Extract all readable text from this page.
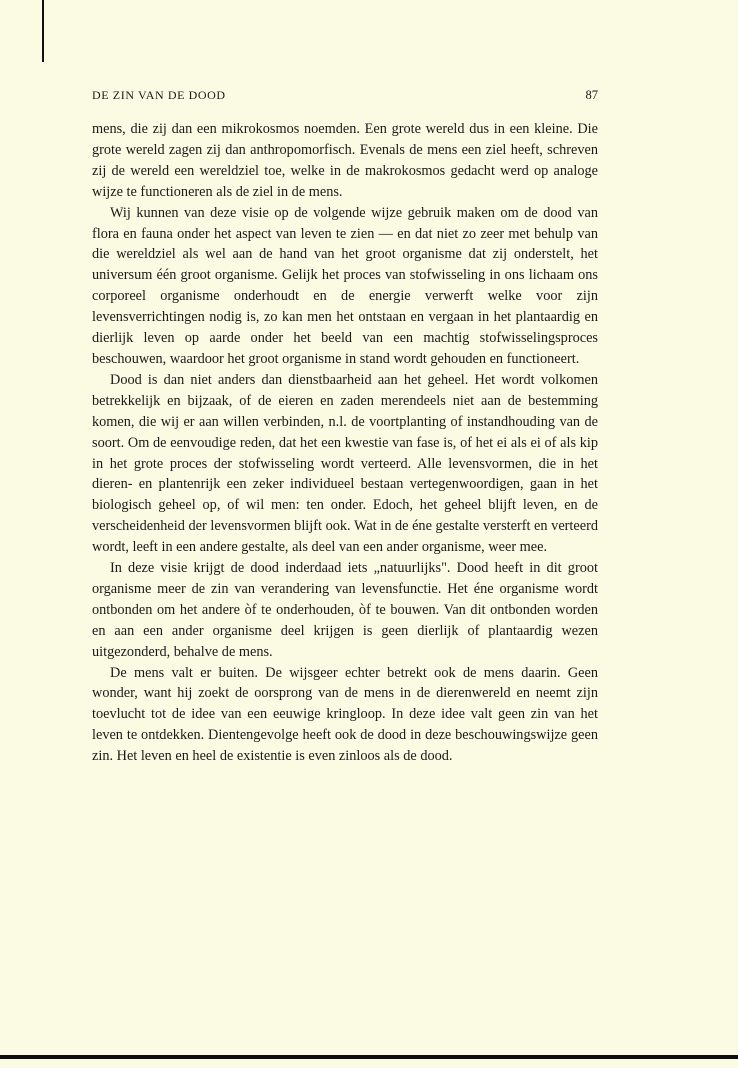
DE ZIN VAN DE DOOD	87

mens, die zij dan een mikrokosmos noemden. Een grote wereld dus in een kleine. Die grote wereld zagen zij dan anthropomorfisch. Evenals de mens een ziel heeft, schreven zij de wereld een wereldziel toe, welke in de makrokosmos gedacht werd op analoge wijze te functioneren als de ziel in de mens.

Wij kunnen van deze visie op de volgende wijze gebruik maken om de dood van flora en fauna onder het aspect van leven te zien — en dat niet zo zeer met behulp van die wereldziel als wel aan de hand van het groot organisme dat zij onderstelt, het universum één groot organisme. Gelijk het proces van stofwisseling in ons lichaam ons corporeel organisme onderhoudt en de energie verwerft welke voor zijn levensverrichtingen nodig is, zo kan men het ontstaan en vergaan in het plantaardig en dierlijk leven op aarde onder het beeld van een machtig stofwisselingsproces beschouwen, waardoor het groot organisme in stand wordt gehouden en functioneert.

Dood is dan niet anders dan dienstbaarheid aan het geheel. Het wordt volkomen betrekkelijk en bijzaak, of de eieren en zaden merendeels niet aan de bestemming komen, die wij er aan willen verbinden, n.l. de voortplanting of instandhouding van de soort. Om de eenvoudige reden, dat het een kwestie van fase is, of het ei als ei of als kip in het grote proces der stofwisseling wordt verteerd. Alle levensvormen, die in het dieren- en plantenrijk een zeker individueel bestaan vertegenwoordigen, gaan in het biologisch geheel op, of wil men: ten onder. Edoch, het geheel blijft leven, en de verscheidenheid der levensvormen blijft ook. Wat in de éne gestalte versterft en verteerd wordt, leeft in een andere gestalte, als deel van een ander organisme, weer mee.

In deze visie krijgt de dood inderdaad iets „natuurlijks". Dood heeft in dit groot organisme meer de zin van verandering van levensfunctie. Het éne organisme wordt ontbonden om het andere òf te onderhouden, òf te bouwen. Van dit ontbonden worden en aan een ander organisme deel krijgen is geen dierlijk of plantaardig wezen uitgezonderd, behalve de mens.

De mens valt er buiten. De wijsgeer echter betrekt ook de mens daarin. Geen wonder, want hij zoekt de oorsprong van de mens in de dierenwereld en neemt zijn toevlucht tot de idee van een eeuwige kringloop. In deze idee valt geen zin van het leven te ontdekken. Dientengevolge heeft ook de dood in deze beschouwingswijze geen zin. Het leven en heel de existentie is even zinloos als de dood.
